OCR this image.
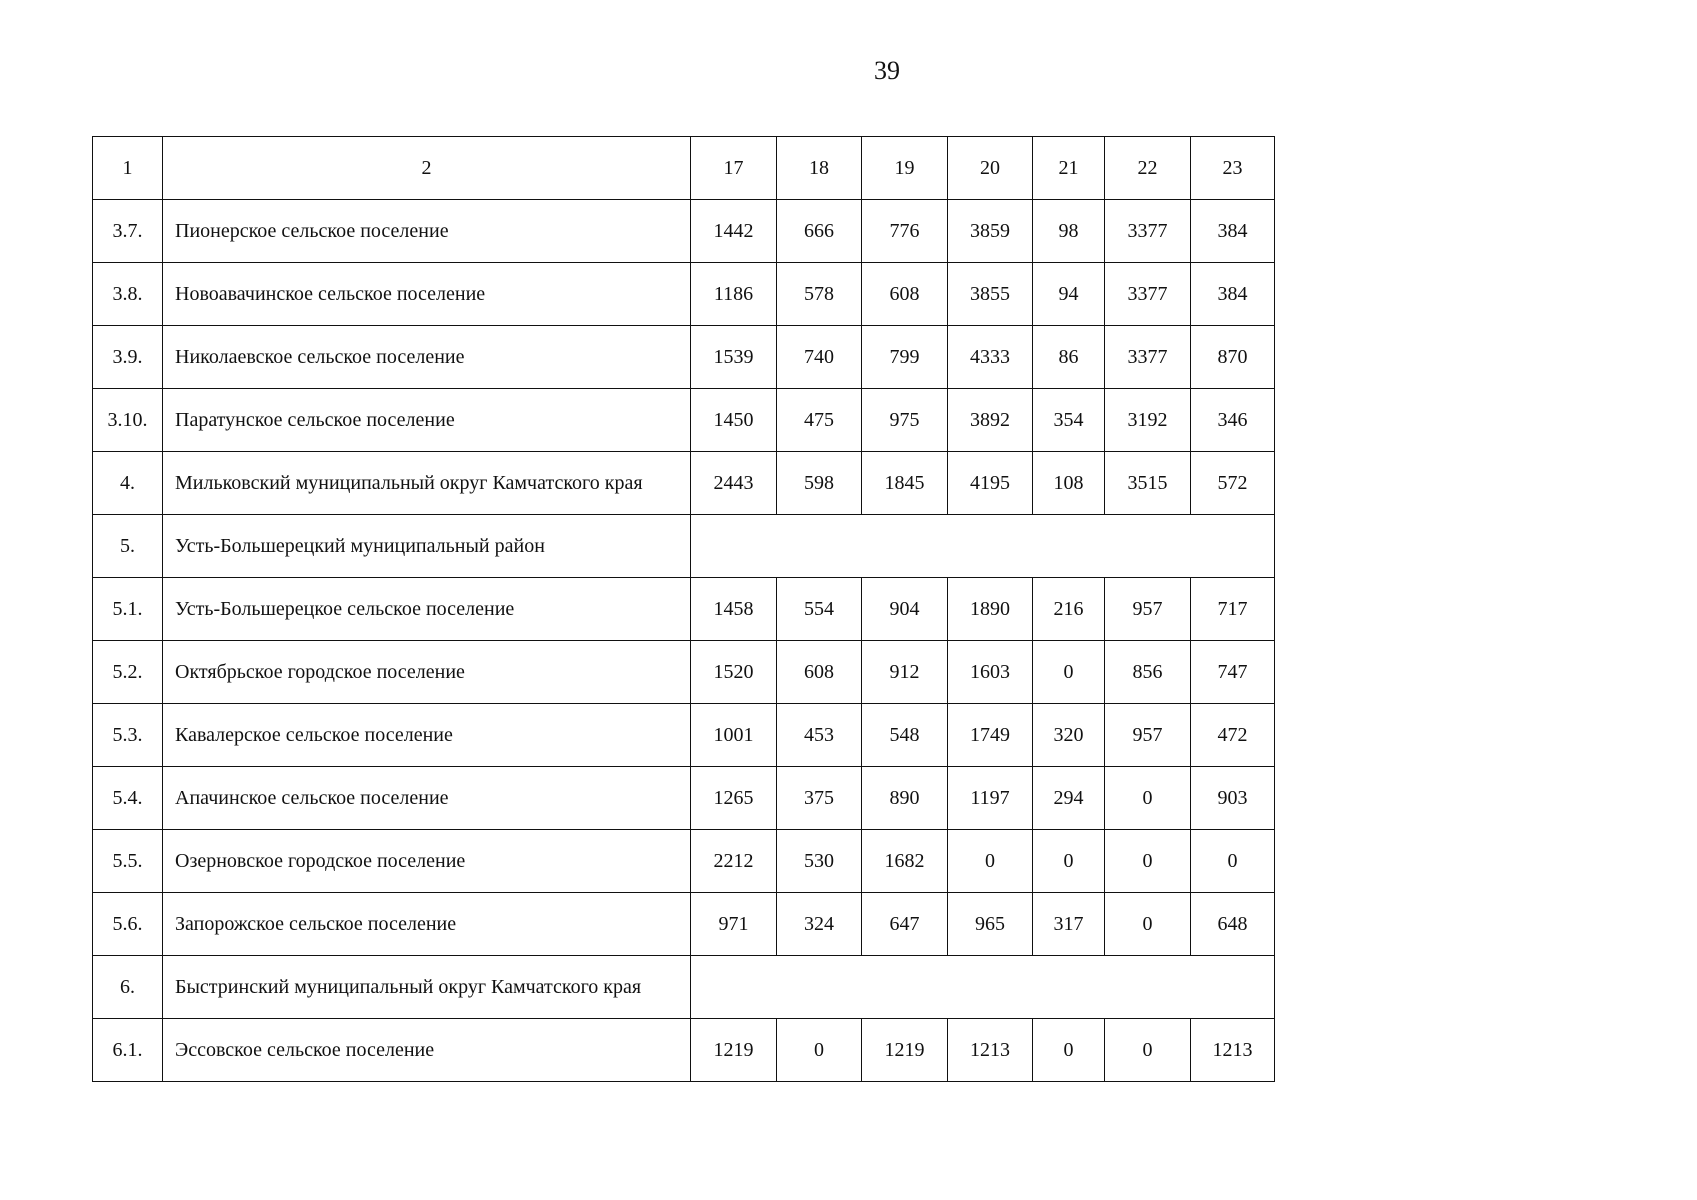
39
1	2	17	18	19	20	21	22	23
3.7.	Пионерское сельское поселение	1442	666	776	3859	98	3377	384
3.8.	Новоавачинское сельское поселение	1186	578	608	3855	94	3377	384
3.9.	Николаевское сельское поселение	1539	740	799	4333	86	3377	870
3.10.	Паратунское сельское поселение	1450	475	975	3892	354	3192	346
4.	Мильковский муниципальный округ Камчатского края	2443	598	1845	4195	108	3515	572
5.	Усть-Большерецкий муниципальный район							
5.1.	Усть-Большерецкое сельское поселение	1458	554	904	1890	216	957	717
5.2.	Октябрьское городское поселение	1520	608	912	1603	0	856	747
5.3.	Кавалерское сельское поселение	1001	453	548	1749	320	957	472
5.4.	Апачинское сельское поселение	1265	375	890	1197	294	0	903
5.5.	Озерновское городское поселение	2212	530	1682	0	0	0	0
5.6.	Запорожское сельское поселение	971	324	647	965	317	0	648
6.	Быстринский муниципальный округ Камчатского края							
6.1.	Эссовское сельское поселение	1219	0	1219	1213	0	0	1213
